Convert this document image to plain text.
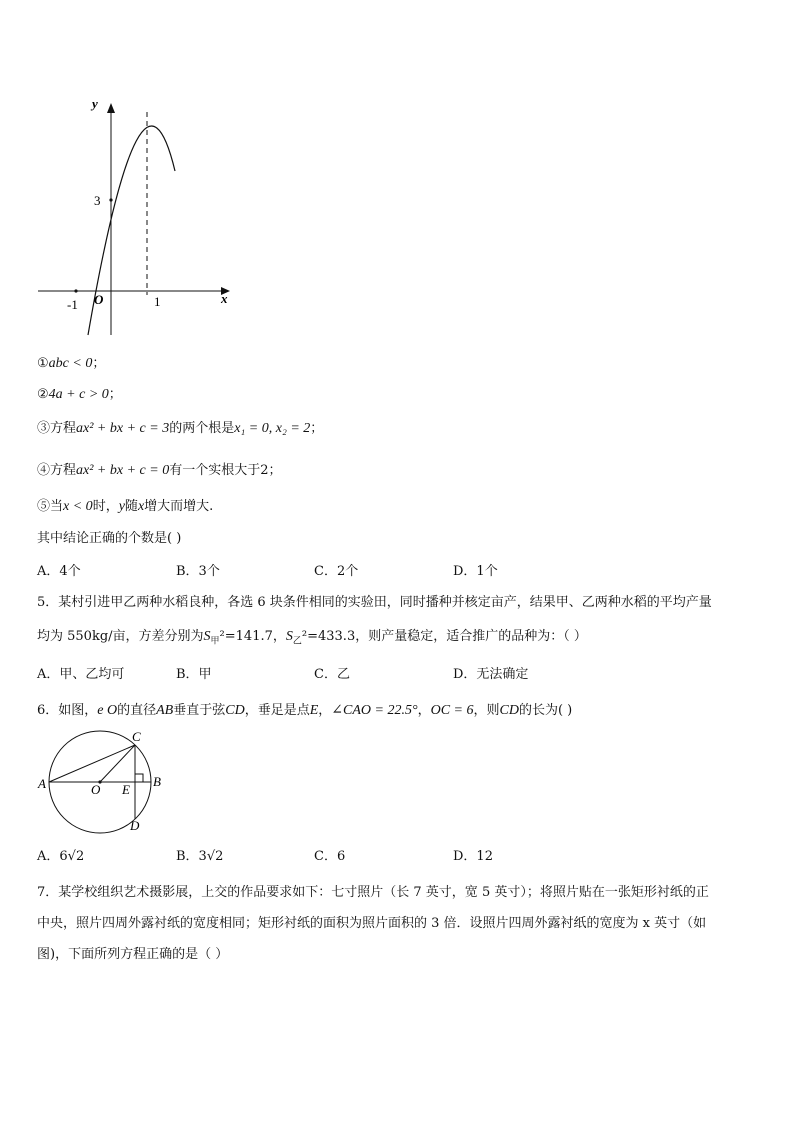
y
x
O
-1	1
3
①abc < 0；
②4a + c > 0；
③方程ax² + bx + c = 3的两个根是x₁ = 0, x₂ = 2；
④方程ax² + bx + c = 0有一个实根大于2；
⑤当x < 0时，y随x增大而增大.
其中结论正确的个数是( )
A．4个	B．3个	C．2个	D．1个
5．某村引进甲乙两种水稻良种，各选 6 块条件相同的实验田，同时播种并核定亩产，结果甲、乙两种水稻的平均产量
均为 550kg/亩，方差分别为$S_甲^2=141.7$，$S_乙^2=433.3$，则产量稳定，适合推广的品种为：（ ）
A．甲、乙均可	B．甲	C．乙	D．无法确定
6．如图，e O的直径AB垂直于弦CD，垂足是点E，∠CAO = 22.5°，OC = 6，则CD的长为( )
A	B
C
D
O E
A．6√2	B．3√2	C．6	D．12
7．某学校组织艺术摄影展，上交的作品要求如下：七寸照片（长 7 英寸，宽 5 英寸）；将照片贴在一张矩形衬纸的正
中央，照片四周外露衬纸的宽度相同；矩形衬纸的面积为照片面积的 3 倍．设照片四周外露衬纸的宽度为 x 英寸（如
图)，下面所列方程正确的是（ ）
